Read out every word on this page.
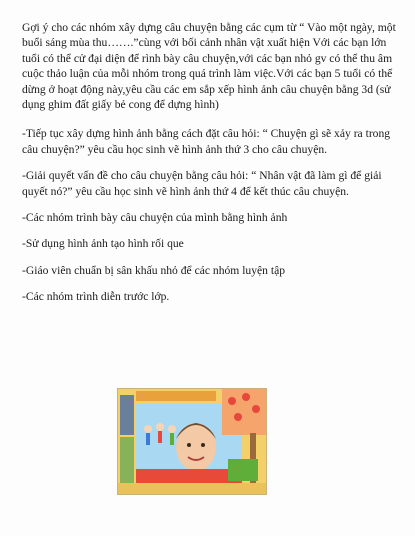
Gợi ý cho các nhóm xây dựng câu chuyện bằng các cụm từ “ Vào một ngày, một buổi sáng mùa thu…….”cùng với bối cảnh nhân vật xuất hiện Với các bạn lớn tuổi có thể cử đại diện để rình bày câu chuyện,với các bạn nhỏ gv có thể thu âm cuộc thảo luận của mỗi nhóm trong quá trình làm việc.Với các bạn 5 tuổi có thể dừng ở hoạt động này,yêu cầu các em sắp xếp hình ảnh câu chuyện bằng 3d (sử dụng ghim đất giấy bẻ cong để dựng hình)

-Tiếp tục xây dựng hình ảnh bằng cách đặt câu hỏi: “ Chuyện gì sẽ xảy ra trong câu chuyện?” yêu cầu học sinh vẽ hình ảnh thứ 3 cho câu chuyện.

-Giải quyết vấn đề cho câu chuyện bằng câu hỏi: “ Nhân vật đã làm gì để giải quyết nó?” yêu cầu học sinh vẽ hình ảnh thứ 4 để kết thúc câu chuyện.

-Các nhóm trình bày câu chuyện của mình bằng hình ảnh

-Sử dụng hình ảnh tạo hình rối que

-Giáo viên chuẩn bị sân khấu nhỏ để các nhóm luyện tập

-Các nhóm trình diễn trước lớp.
